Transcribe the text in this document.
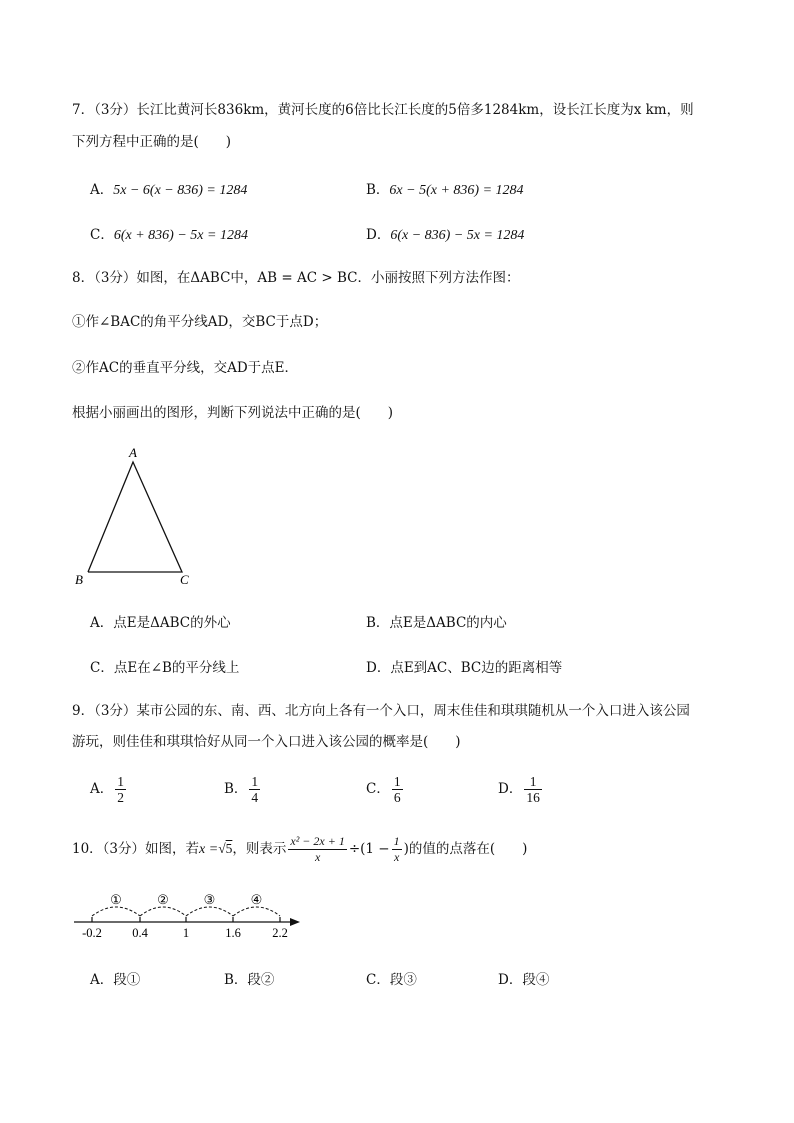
7．（3分）长江比黄河长836km，黄河长度的6倍比长江长度的5倍多1284km，设长江长度为x km，则
下列方程中正确的是(　　)
A．5x − 6(x − 836) = 1284	B．6x − 5(x + 836) = 1284
C．6(x + 836) − 5x = 1284	D．6(x − 836) − 5x = 1284
8．（3分）如图，在ΔABC中，AB = AC > BC．小丽按照下列方法作图：
①作∠BAC的角平分线AD，交BC于点D；
②作AC的垂直平分线，交AD于点E．
根据小丽画出的图形，判断下列说法中正确的是(　　)
A
B	C
A．点E是ΔABC的外心	B．点E是ΔABC的内心
C．点E在∠B的平分线上	D．点E到AC、BC边的距离相等
9．（3分）某市公园的东、南、西、北方向上各有一个入口，周末佳佳和琪琪随机从一个入口进入该公园
游玩，则佳佳和琪琪恰好从同一个入口进入该公园的概率是(　　)
A． $\frac{1}{2}$	B． $\frac{1}{4}$	C． $\frac{1}{6}$	D． $\frac{1}{16}$
10．（3分）如图，若x =√5，则表示 $\frac{\text{x² − 2x + 1}}{x} \div(1 - \frac{1}{x}$ )的值的点落在(　　)
-0.2 0.4	1	1.6	2.2
①	②	③	④
A．段①	B．段②	C．段③	D．段④
